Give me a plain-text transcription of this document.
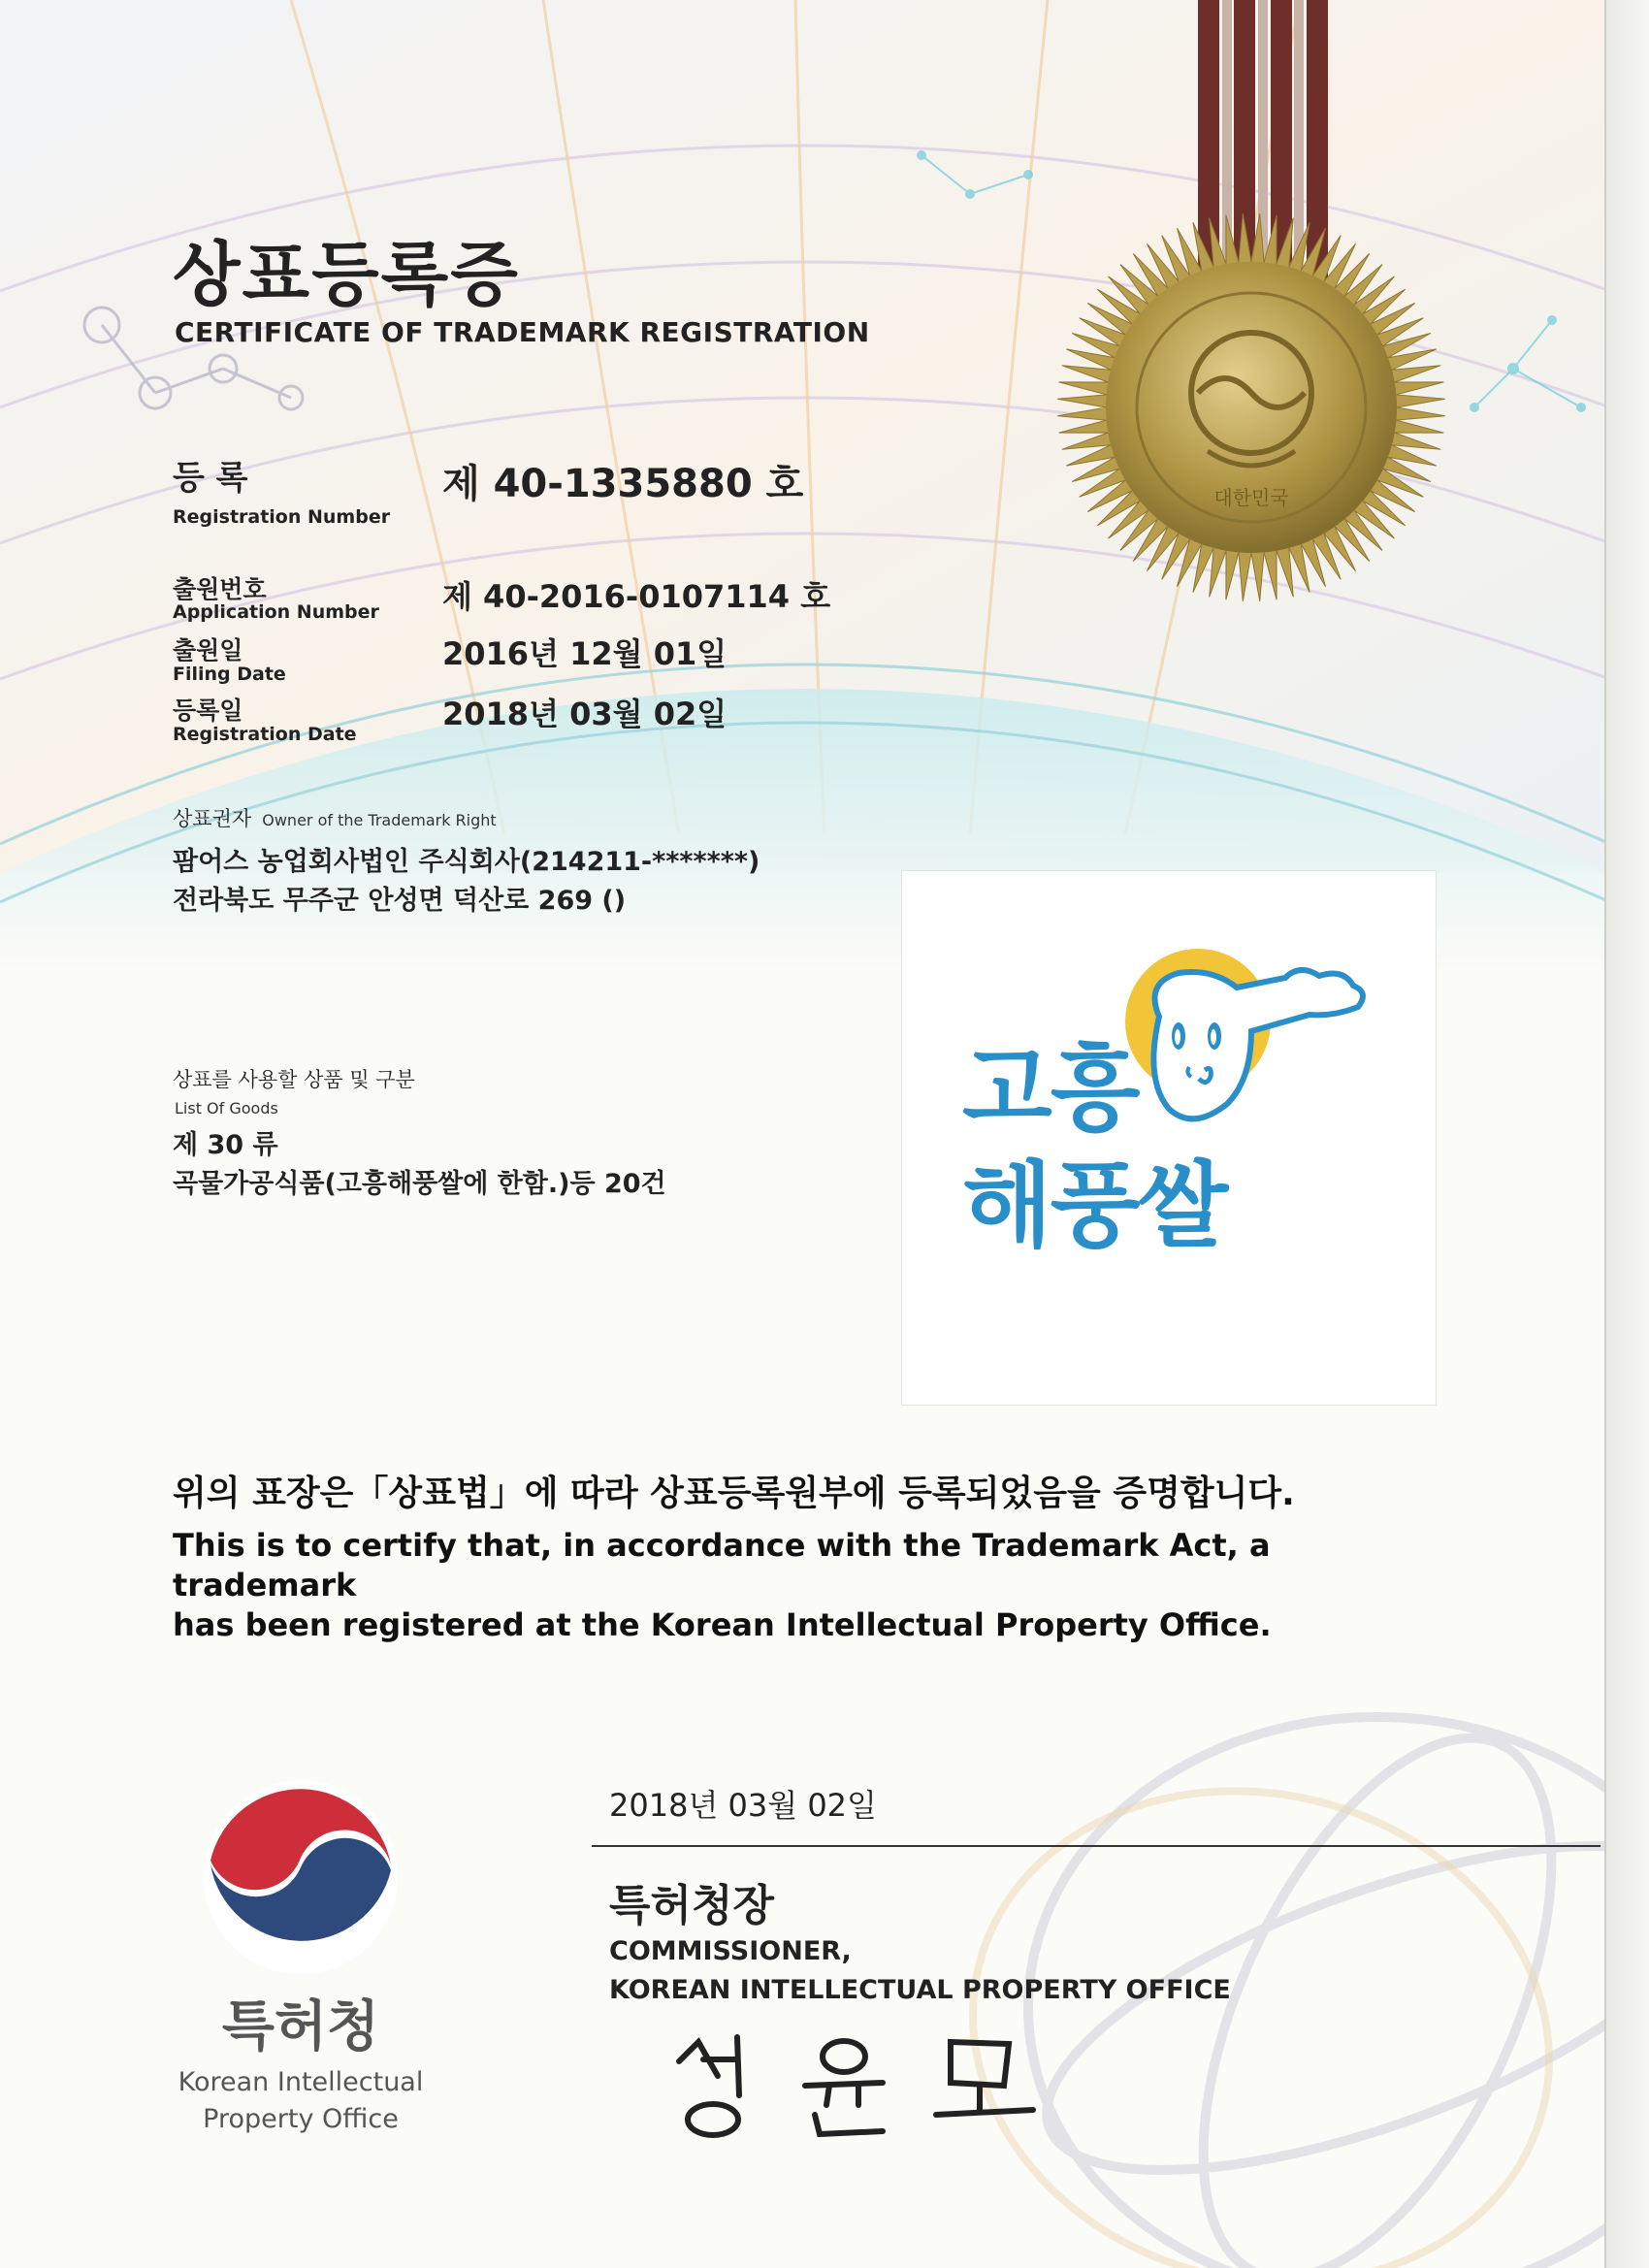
대한민국
상표등록증
CERTIFICATE OF TRADEMARK REGISTRATION
등 록
Registration Number
제 40-1335880 호
출원번호
Application Number 제 40-2016-0107114 호
출원일
Filing Date
2016년 12월 01일
등록일
Registration Date
2018년 03월 02일
상표권자 Owner of the Trademark Right
팜어스 농업회사법인 주식회사(214211-*******)
전라북도 무주군 안성면 덕산로 269 ()
상표를 사용할 상품 및 구분
List Of Goods
제 30 류
곡물가공식품(고흥해풍쌀에 한함.)등 20건
고흥
해풍쌀
위의 표장은「상표법」에 따라 상표등록원부에 등록되었음을 증명합니다.
This is to certify that, in accordance with the Trademark Act, a trademark
has been registered at the Korean Intellectual Property Office.
특허청
Korean Intellectual
Property Office
2018년 03월 02일
특허청장
COMMISSIONER,
KOREAN INTELLECTUAL PROPERTY OFFICE
